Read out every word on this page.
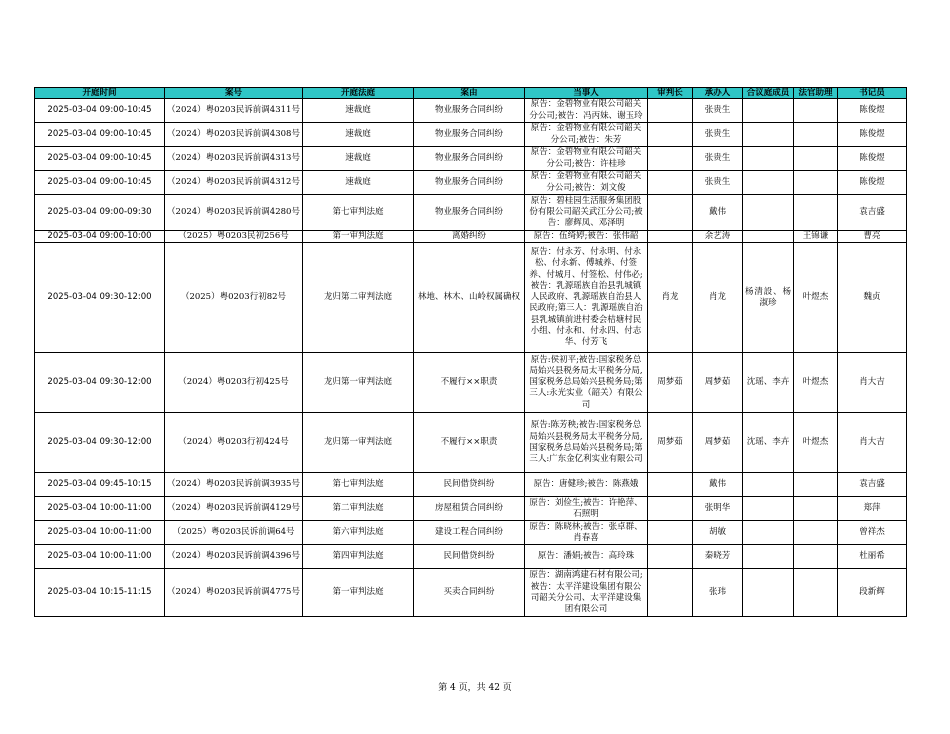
开庭时间	案号	开庭法庭	案由	当事人	审判长	承办人	合议庭成员	法官助理	书记员
2025-03-04 09:00-10:45	（2024）粤0203民诉前调4311号	速裁庭	物业服务合同纠纷	原告：金碧物业有限公司韶关分公司;被告：冯丙妹、谢玉玲		张贵生			陈俊煜
2025-03-04 09:00-10:45	（2024）粤0203民诉前调4308号	速裁庭	物业服务合同纠纷	原告：金碧物业有限公司韶关分公司;被告：朱芳		张贵生			陈俊煜
2025-03-04 09:00-10:45	（2024）粤0203民诉前调4313号	速裁庭	物业服务合同纠纷	原告：金碧物业有限公司韶关分公司;被告：许桂珍		张贵生			陈俊煜
2025-03-04 09:00-10:45	（2024）粤0203民诉前调4312号	速裁庭	物业服务合同纠纷	原告：金碧物业有限公司韶关分公司;被告：刘文俊		张贵生			陈俊煜
2025-03-04 09:00-09:30	（2024）粤0203民诉前调4280号	第七审判法庭	物业服务合同纠纷	原告：碧桂园生活服务集团股份有限公司韶关武江分公司;被告：廖辉凤、邓泽明		戴伟			袁吉盛
2025-03-04 09:00-10:00	（2025）粤0203民初256号	第一审判法庭	离婚纠纷	原告：伍绮婷;被告：张伟韶		余艺涛		王锦谦	曹亮
2025-03-04 09:30-12:00	（2025）粤0203行初82号	龙归第二审判法庭	林地、林木、山岭权属确权	原告：付永芳、付永明、付永松、付永新、傅城养、付签养、付城月、付签松、付伟必;被告：乳源瑶族自治县乳城镇人民政府、乳源瑶族自治县人民政府;第三人：乳源瑶族自治县乳城镇前进村委会桔塘村民小组、付永和、付永四、付志华、付芳飞	肖龙	肖龙	杨清設、杨淑珍	叶煜杰	魏贞
2025-03-04 09:30-12:00	（2024）粤0203行初425号	龙归第一审判法庭	不履行××职责	原告:侯初平;被告:国家税务总局始兴县税务局太平税务分局,国家税务总局始兴县税务局;第三人:永光实业（韶关）有限公司	周梦茹	周梦茹	沈瑶、李卉	叶煜杰	肖大吉
2025-03-04 09:30-12:00	（2024）粤0203行初424号	龙归第一审判法庭	不履行××职责	原告:陈芳秧;被告:国家税务总局始兴县税务局太平税务分局,国家税务总局始兴县税务局;第三人:广东金亿利实业有限公司	周梦茹	周梦茹	沈瑶、李卉	叶煜杰	肖大吉
2025-03-04 09:45-10:15	（2024）粤0203民诉前调3935号	第七审判法庭	民间借贷纠纷	原告：唐健珍;被告：陈燕娥		戴伟			袁吉盛
2025-03-04 10:00-11:00	（2024）粤0203民诉前调4129号	第二审判法庭	房屋租赁合同纠纷	原告：刘俭生;被告：许艳萍、石照明		张明华			郑萍
2025-03-04 10:00-11:00	（2025）粤0203民诉前调64号	第六审判法庭	建设工程合同纠纷	原告：陈晓林;被告：张卓群、肖春喜		胡敏			曾祥杰
2025-03-04 10:00-11:00	（2024）粤0203民诉前调4396号	第四审判法庭	民间借贷纠纷	原告：潘娟;被告：高玲珠		秦晓芳			杜丽希
2025-03-04 10:15-11:15	（2024）粤0203民诉前调4775号	第一审判法庭	买卖合同纠纷	原告：湖南鸿建石材有限公司;被告：太平洋建设集团有限公司韶关分公司、太平洋建设集团有限公司		张玮			段新辉
第 4 页，共 42 页
